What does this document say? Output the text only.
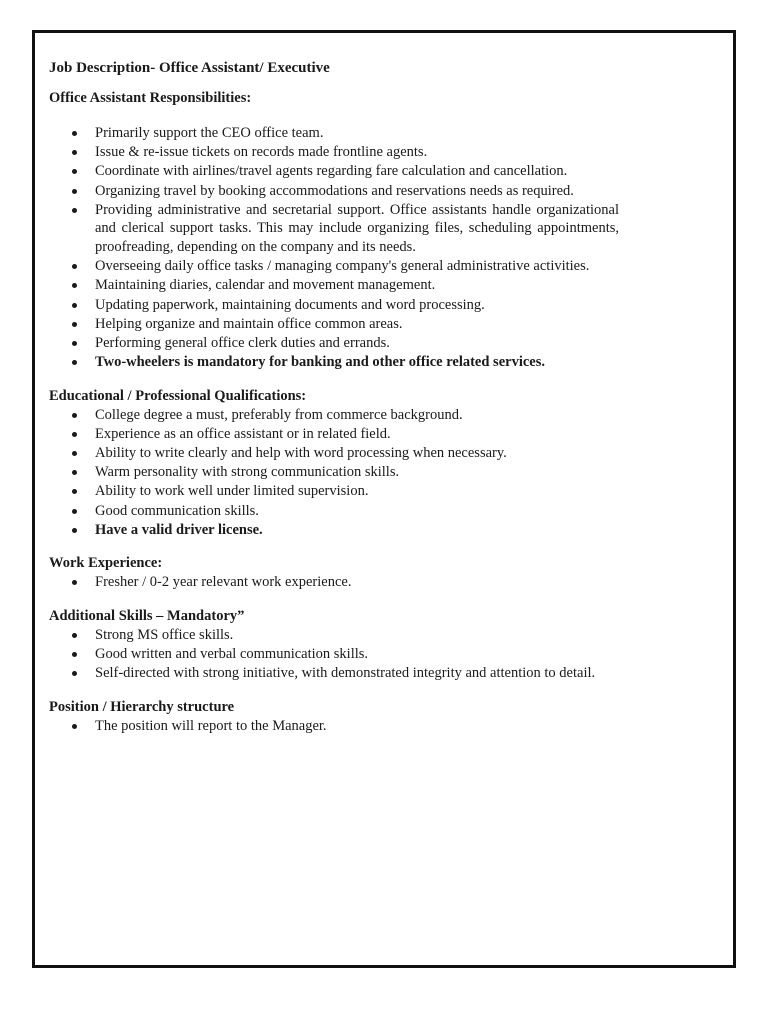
Job Description- Office Assistant/ Executive
Office Assistant Responsibilities:
Primarily support the CEO office team.
Issue & re-issue tickets on records made frontline agents.
Coordinate with airlines/travel agents regarding fare calculation and cancellation.
Organizing travel by booking accommodations and reservations needs as required.
Providing administrative and secretarial support. Office assistants handle organizational and clerical support tasks. This may include organizing files, scheduling appointments, proofreading, depending on the company and its needs.
Overseeing daily office tasks / managing company's general administrative activities.
Maintaining diaries, calendar and movement management.
Updating paperwork, maintaining documents and word processing.
Helping organize and maintain office common areas.
Performing general office clerk duties and errands.
Two-wheelers is mandatory for banking and other office related services.
Educational / Professional Qualifications:
College degree a must, preferably from commerce background.
Experience as an office assistant or in related field.
Ability to write clearly and help with word processing when necessary.
Warm personality with strong communication skills.
Ability to work well under limited supervision.
Good communication skills.
Have a valid driver license.
Work Experience:
Fresher / 0-2 year relevant work experience.
Additional Skills – Mandatory”
Strong MS office skills.
Good written and verbal communication skills.
Self-directed with strong initiative, with demonstrated integrity and attention to detail.
Position / Hierarchy structure
The position will report to the Manager.
